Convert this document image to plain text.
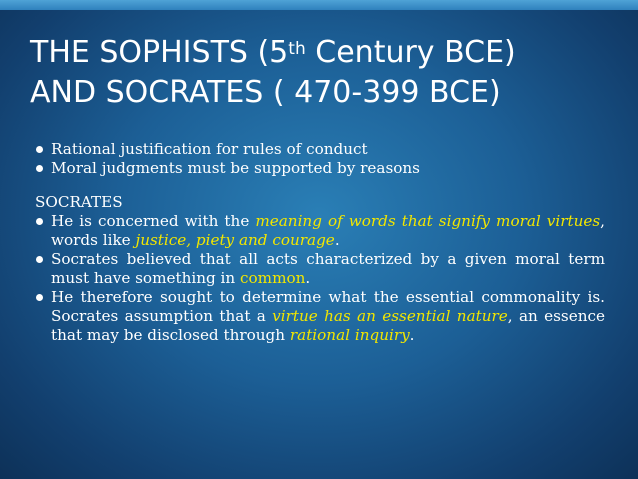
THE SOPHISTS (5th Century BCE)
AND SOCRATES ( 470-399 BCE)

Rational justification for rules of conduct

Moral judgments must be supported by reasons

SOCRATES

He is concerned with the meaning of words that signify moral virtues, words like justice, piety and courage.

Socrates believed that all acts characterized by a given moral term must have something in common.

He therefore sought to determine what the essential commonality is. Socrates assumption that a virtue has an essential nature, an essence that may be disclosed through rational inquiry.
